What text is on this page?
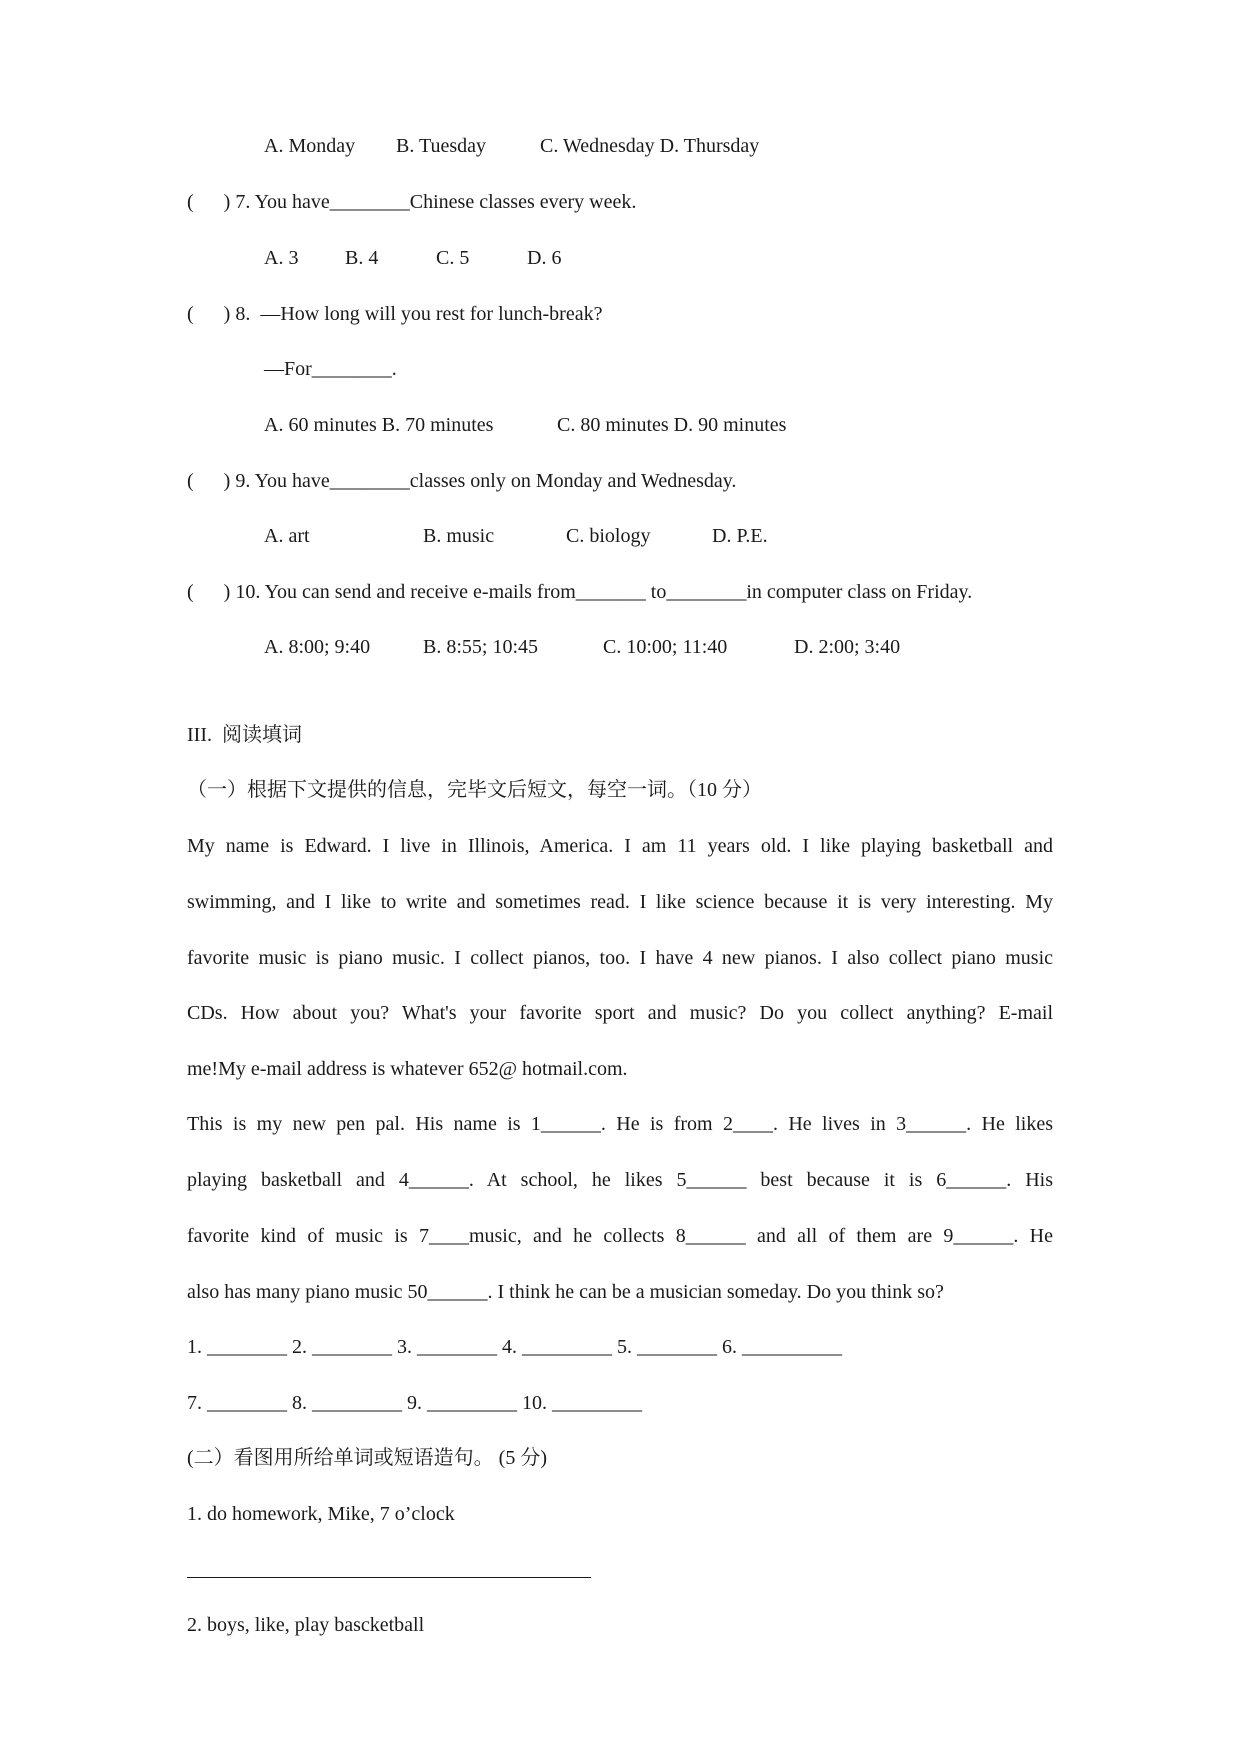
A. Monday B. Tuesday	C. Wednesday D. Thursday
(      ) 7. You have________Chinese classes every week.
A. 3 B. 4	C. 5	D. 6
(      ) 8.  —How long will you rest for lunch-break?
—For________.
A. 60 minutes B. 70 minutes	C. 80 minutes D. 90 minutes
(      ) 9. You have________classes only on Monday and Wednesday.
A. art	B. music	C. biology	D. P.E.
(      ) 10. You can send and receive e-mails from_______ to________in computer class on Friday.
A. 8:00; 9:40	B. 8:55; 10:45	C. 10:00; 11:40	D. 2:00; 3:40
III.  阅读填词
（一）根据下文提供的信息，完毕文后短文，每空一词。（10 分）
My name is Edward. I live in Illinois, America. I am 11 years old. I like playing basketball and
swimming, and I like to write and sometimes read. I like science because it is very interesting. My
favorite music is piano music. I collect pianos, too. I have 4 new pianos. I also collect piano music
CDs. How about you? What's your favorite sport and music? Do you collect anything? E-mail
me!My e-mail address is whatever 652@ hotmail.com.
This is my new pen pal. His name is 1______. He is from 2____. He lives in 3______. He likes
playing basketball and 4______. At school, he likes 5______ best because it is 6______. His
favorite kind of music is 7____music, and he collects 8______ and all of them are 9______. He
also has many piano music 50______. I think he can be a musician someday. Do you think so?
1. ________ 2. ________ 3. ________ 4. _________ 5. ________ 6. __________
7. ________ 8. _________ 9. _________ 10. _________
(二）看图用所给单词或短语造句。 (5 分)
1. do homework, Mike, 7 o’clock
2. boys, like, play bascketball
